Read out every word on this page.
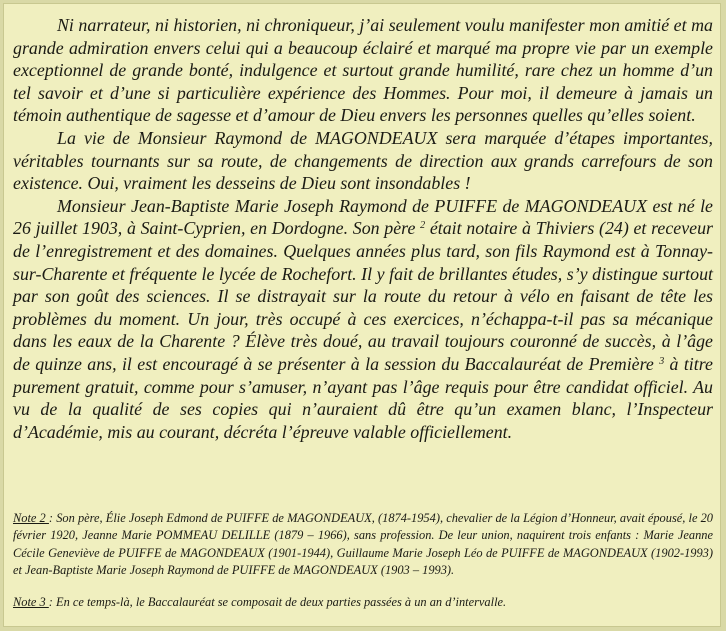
Ni narrateur, ni historien, ni chroniqueur, j’ai seulement voulu manifester mon amitié et ma grande admiration envers celui qui a beaucoup éclairé et marqué ma propre vie par un exemple exceptionnel de grande bonté, indulgence et surtout grande humilité, rare chez un homme d’un tel savoir et d’une si particulière expérience des Hommes. Pour moi, il demeure à jamais un témoin authentique de sagesse et d’amour de Dieu envers les personnes quelles qu’elles soient.

La vie de Monsieur Raymond de MAGONDEAUX sera marquée d’étapes importantes, véritables tournants sur sa route, de changements de direction aux grands carrefours de son existence. Oui, vraiment les desseins de Dieu sont insondables !

Monsieur Jean-Baptiste Marie Joseph Raymond de PUIFFE de MAGONDEAUX est né le 26 juillet 1903, à Saint-Cyprien, en Dordogne. Son père $^2$ était notaire à Thiviers (24) et receveur de l’enregistrement et des domaines. Quelques années plus tard, son fils Raymond est à Tonnay-sur-Charente et fréquente le lycée de Rochefort. Il y fait de brillantes études, s’y distingue surtout par son goût des sciences. Il se distrayait sur la route du retour à vélo en faisant de tête les problèmes du moment. Un jour, très occupé à ces exercices, n’échappa-t-il pas sa mécanique dans les eaux de la Charente ? Élève très doué, au travail toujours couronné de succès, à l’âge de quinze ans, il est encouragé à se présenter à la session du Baccalauréat de Première $^3$ à titre purement gratuit, comme pour s’amuser, n’ayant pas l’âge requis pour être candidat officiel. Au vu de la qualité de ses copies qui n’auraient dû être qu’un examen blanc, l’Inspecteur d’Académie, mis au courant, décréta l’épreuve valable officiellement.

Note 2 : Son père, Élie Joseph Edmond de PUIFFE de MAGONDEAUX, (1874-1954), chevalier de la Légion d’Honneur, avait épousé, le 20 février 1920, Jeanne Marie POMMEAU DELILLE (1879 – 1966), sans profession. De leur union, naquirent trois enfants : Marie Jeanne Cécile Geneviève de PUIFFE de MAGONDEAUX (1901-1944), Guillaume Marie Joseph Léo de PUIFFE de MAGONDEAUX (1902-1993) et Jean-Baptiste Marie Joseph Raymond de PUIFFE de MAGONDEAUX (1903 – 1993).

Note 3 : En ce temps-là, le Baccalauréat se composait de deux parties passées à un an d’intervalle.
